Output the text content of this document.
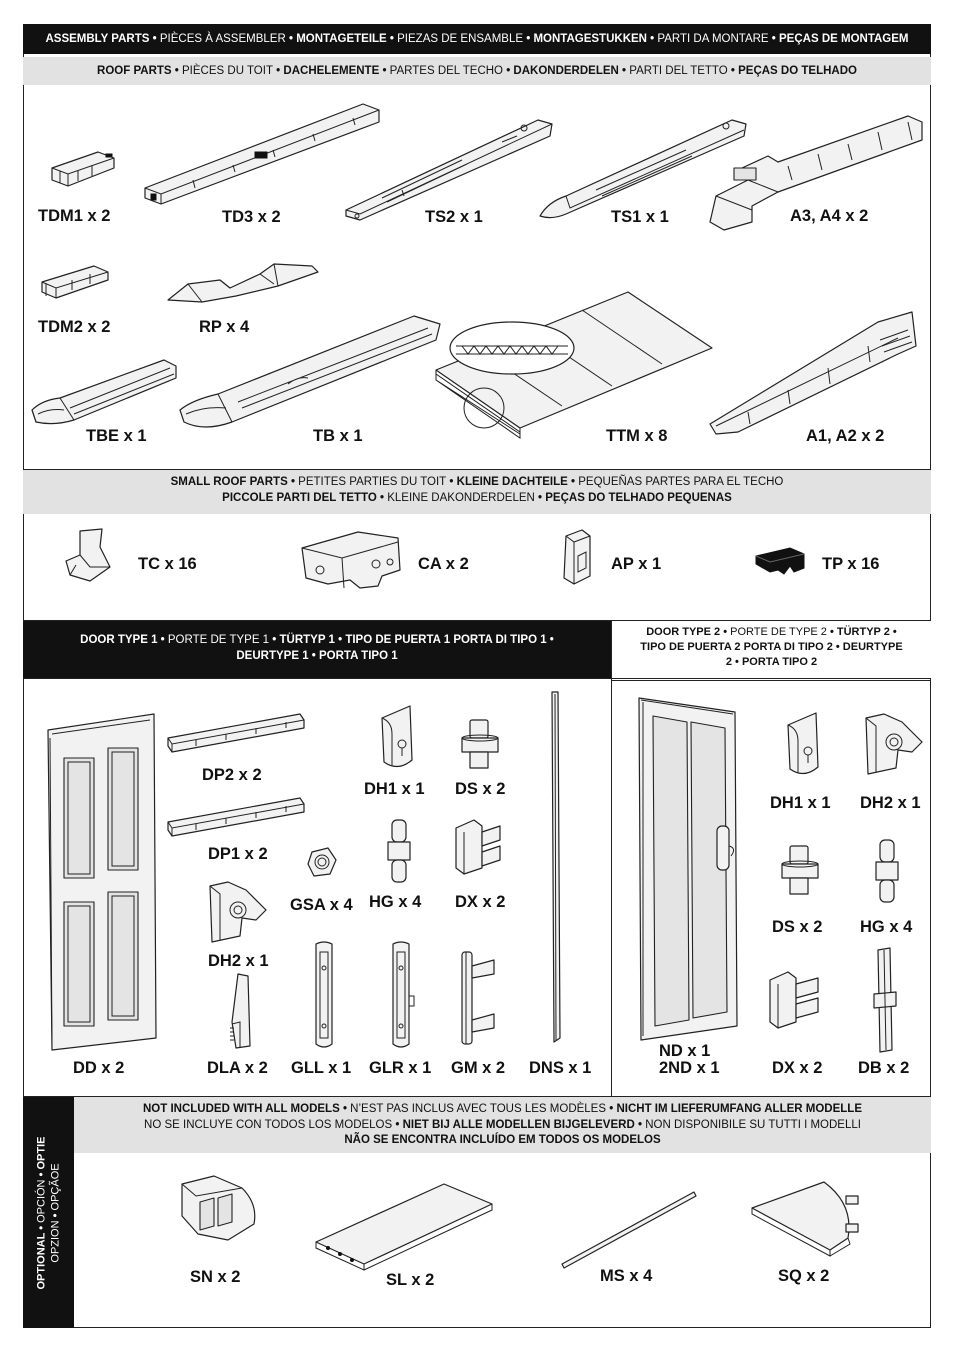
ASSEMBLY PARTS • PIÈCES À ASSEMBLER • MONTAGETEILE • PIEZAS DE ENSAMBLE • MONTAGESTUKKEN • PARTI DA MONTARE • PEÇAS DE MONTAGEM
ROOF PARTS • PIÈCES DU TOIT • DACHELEMENTE • PARTES DEL TECHO • DAKONDERDELEN • PARTI DEL TETTO • PEÇAS DO TELHADO
TDM1 x 2	TD3 x 2	TS2 x 1	TS1 x 1	A3, A4 x 2
TDM2 x 2	RP x 4
TBE x 1	TB x 1	TTM x 8	A1, A2 x 2
SMALL ROOF PARTS • PETITES PARTIES DU TOIT • KLEINE DACHTEILE • PEQUEÑAS PARTES PARA EL TECHO
PICCOLE PARTI DEL TETTO • KLEINE DAKONDERDELEN • PEÇAS DO TELHADO PEQUENAS
TC x 16	CA x 2	AP x 1	TP x 16
DOOR TYPE 1 • PORTE DE TYPE 1 • TÜRTYP 1 • TIPO DE PUERTA 1 PORTA DI TIPO 1 •
DEURTYPE 1 • PORTA TIPO 1
DOOR TYPE 2 • PORTE DE TYPE 2 • TÜRTYP 2 •
TIPO DE PUERTA 2 PORTA DI TIPO 2 • DEURTYPE
2 • PORTA TIPO 2
DP2 x 2
DP1 x 2
DH1 x 1 DS x 2
GSA x 4 HG x 4 DX x 2
DH2 x 1
DLA x 2 GLL x 1 GLR x 1 GM x 2 DNS x 1
DD x 2
ND x 1
2ND x 1
DH1 x 1 DH2 x 1
DS x 2 HG x 4
DX x 2 DB x 2
OPTIONAL • OPCIÓN • OPTIE
OPZION • OPÇÃOE
NOT INCLUDED WITH ALL MODELS • N’EST PAS INCLUS AVEC TOUS LES MODÈLES • NICHT IM LIEFERUMFANG ALLER MODELLE
NO SE INCLUYE CON TODOS LOS MODELOS • NIET BIJ ALLE MODELLEN BIJGELEVERD • NON DISPONIBILE SU TUTTI I MODELLI
NÃO SE ENCONTRA INCLUÍDO EM TODOS OS MODELOS
SN x 2	SL x 2	MS x 4	SQ x 2
